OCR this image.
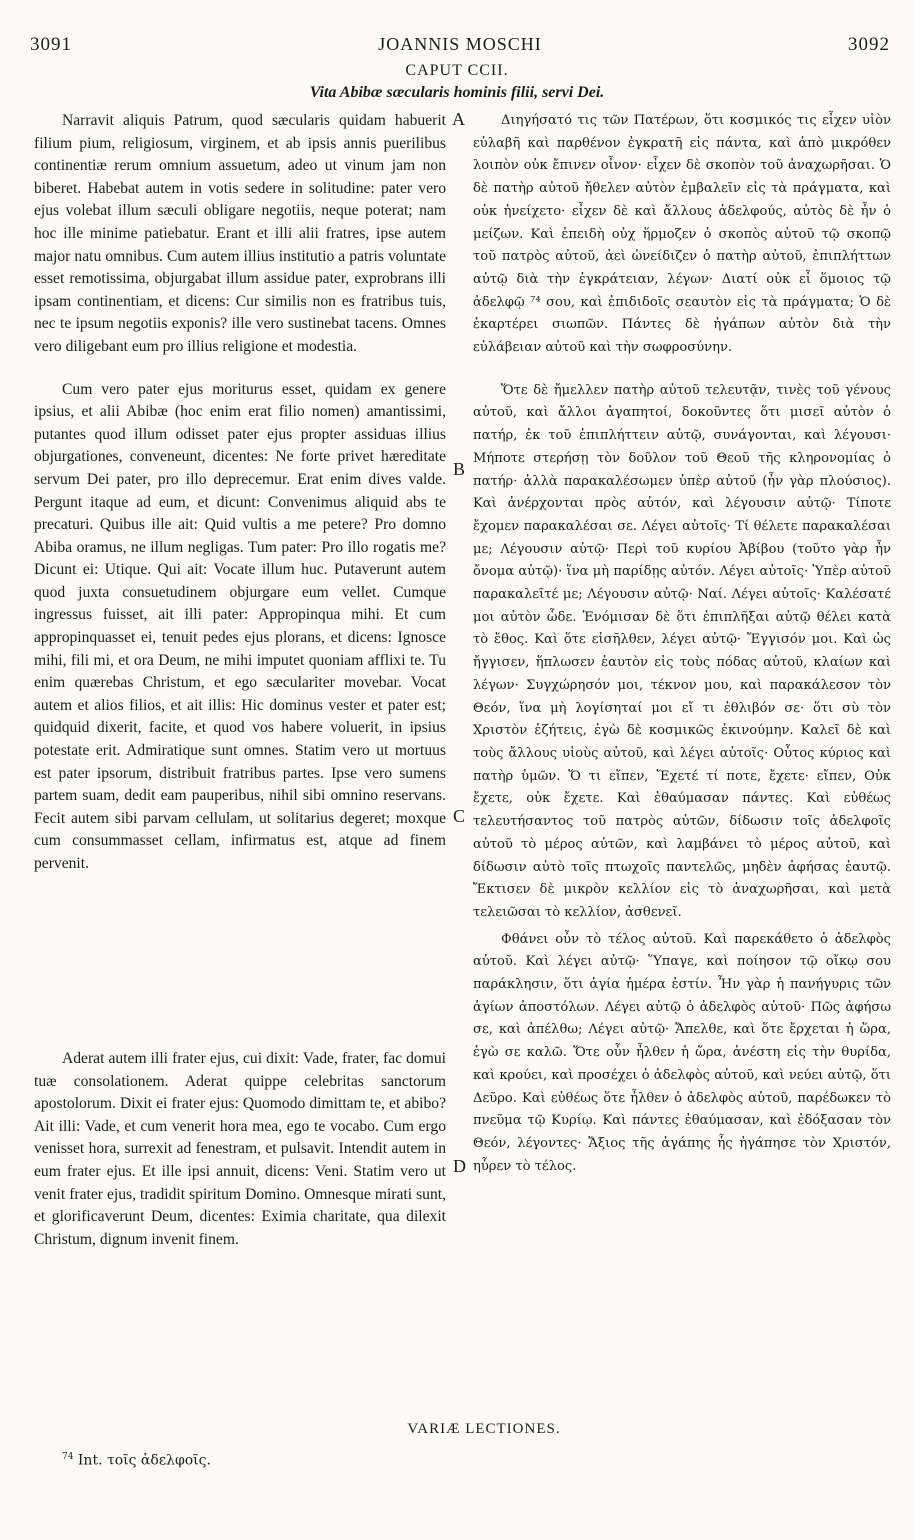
3091	JOANNIS MOSCHI	3092
CAPUT CCII.
Vita Abibæ sæcularis hominis filii, servi Dei.

Narravit aliquis Patrum, quod sæcularis quidam habuerit filium pium, religiosum, virginem, et ab ipsis annis puerilibus continentiæ rerum omnium assuetum, adeo ut vinum jam non biberet. Habebat autem in votis sedere in solitudine: pater vero ejus volebat illum sæculi obligare negotiis, neque poterat; nam hoc ille minime patiebatur. Erant et illi alii fratres, ipse autem major natu omnibus. Cum autem illius institutio a patris voluntate esset remotissima, objurgabat illum assidue pater, exprobrans illi ipsam continentiam, et dicens: Cur similis non es fratribus tuis, nec te ipsum negotiis exponis? ille vero sustinebat tacens. Omnes vero diligebant eum pro illius religione et modestia.

Cum vero pater ejus moriturus esset, quidam ex genere ipsius, et alii Abibæ (hoc enim erat filio nomen) amantissimi, putantes quod illum odisset pater ejus propter assiduas illius objurgationes, conveneunt, dicentes: Ne forte privet hæreditate servum Dei pater, pro illo deprecemur. Erat enim dives valde. Pergunt itaque ad eum, et dicunt: Convenimus aliquid abs te precaturi. Quibus ille ait: Quid vultis a me petere? Pro domno Abiba oramus, ne illum negligas. Tum pater: Pro illo rogatis me? Dicunt ei: Utique. Qui ait: Vocate illum huc. Putaverunt autem quod juxta consuetudinem objurgare eum vellet. Cumque ingressus fuisset, ait illi pater: Appropinqua mihi. Et cum appropinquasset ei, tenuit pedes ejus plorans, et dicens: Ignosce mihi, fili mi, et ora Deum, ne mihi imputet quoniam afflixi te. Tu enim quærebas Christum, et ego sæculariter movebar. Vocat autem et alios filios, et ait illis: Hic dominus vester et pater est; quidquid dixerit, facite, et quod vos habere voluerit, in ipsius potestate erit. Admiratique sunt omnes. Statim vero ut mortuus est pater ipsorum, distribuit fratribus partes. Ipse vero sumens partem suam, dedit eam pauperibus, nihil sibi omnino reservans. Fecit autem sibi parvam cellulam, ut solitarius degeret; moxque cum consummasset cellam, infirmatus est, atque ad finem pervenit.

Aderat autem illi frater ejus, cui dixit: Vade, frater, fac domui tuæ consolationem. Aderat quippe celebritas sanctorum apostolorum. Dixit ei frater ejus: Quomodo dimittam te, et abibo? Ait illi: Vade, et cum venerit hora mea, ego te vocabo. Cum ergo venisset hora, surrexit ad fenestram, et pulsavit. Intendit autem in eum frater ejus. Et ille ipsi annuit, dicens: Veni. Statim vero ut venit frater ejus, tradidit spiritum Domino. Omnesque mirati sunt, et glorificaverunt Deum, dicentes: Eximia charitate, qua dilexit Christum, dignum invenit finem.

A
B
C
D

Διηγήσατό τις τῶν Πατέρων, ὅτι κοσμικός τις εἶχεν υἱὸν εὐλαβῆ καὶ παρθένον ἐγκρατῆ εἰς πάντα, καὶ ἀπὸ μικρόθεν λοιπὸν οὐκ ἔπινεν οἶνον· εἶχεν δὲ σκοπὸν τοῦ ἀναχωρῆσαι. Ὁ δὲ πατὴρ αὐτοῦ ἤθελεν αὐτὸν ἐμβαλεῖν εἰς τὰ πράγματα, καὶ οὐκ ἠνείχετο· εἶχεν δὲ καὶ ἄλλους ἀδελφούς, αὐτὸς δὲ ἦν ὁ μείζων. Καὶ ἐπειδὴ οὐχ ἥρμοζεν ὁ σκοπὸς αὐτοῦ τῷ σκοπῷ τοῦ πατρὸς αὐτοῦ, ἀεὶ ὠνείδιζεν ὁ πατὴρ αὐτοῦ, ἐπιπλήττων αὐτῷ διὰ τὴν ἐγκράτειαν, λέγων· Διατί οὐκ εἶ ὅμοιος τῷ ἀδελφῷ ⁷⁴ σου, καὶ ἐπιδιδοῖς σεαυτὸν εἰς τὰ πράγματα; Ὁ δὲ ἐκαρτέρει σιωπῶν. Πάντες δὲ ἠγάπων αὐτὸν διὰ τὴν εὐλάβειαν αὐτοῦ καὶ τὴν σωφροσύνην.

Ὅτε δὲ ἤμελλεν πατὴρ αὐτοῦ τελευτᾷν, τινὲς τοῦ γένους αὐτοῦ, καὶ ἄλλοι ἀγαπητοί, δοκοῦντες ὅτι μισεῖ αὐτὸν ὁ πατήρ, ἐκ τοῦ ἐπιπλήττειν αὐτῷ, συνάγονται, καὶ λέγουσι· Μήποτε στερήσῃ τὸν δοῦλον τοῦ Θεοῦ τῆς κληρονομίας ὁ πατήρ· ἀλλὰ παρακαλέσωμεν ὑπὲρ αὐτοῦ (ἦν γὰρ πλούσιος). Καὶ ἀνέρχονται πρὸς αὐτόν, καὶ λέγουσιν αὐτῷ· Τίποτε ἔχομεν παρακαλέσαι σε. Λέγει αὐτοῖς· Τί θέλετε παρακαλέσαι με; Λέγουσιν αὐτῷ· Περὶ τοῦ κυρίου Ἀβίβου (τοῦτο γὰρ ἦν ὄνομα αὐτῷ)· ἵνα μὴ παρίδῃς αὐτόν. Λέγει αὐτοῖς· Ὑπὲρ αὐτοῦ παρακαλεῖτέ με; Λέγουσιν αὐτῷ· Ναί. Λέγει αὐτοῖς· Καλέσατέ μοι αὐτὸν ὧδε. Ἐνόμισαν δὲ ὅτι ἐπιπλῆξαι αὐτῷ θέλει κατὰ τὸ ἔθος. Καὶ ὅτε εἰσῆλθεν, λέγει αὐτῷ· Ἔγγισόν μοι. Καὶ ὡς ἤγγισεν, ἥπλωσεν ἑαυτὸν εἰς τοὺς πόδας αὐτοῦ, κλαίων καὶ λέγων· Συγχώρησόν μοι, τέκνον μου, καὶ παρακάλεσον τὸν Θεόν, ἵνα μὴ λογίσηταί μοι εἴ τι ἐθλιβόν σε· ὅτι σὺ τὸν Χριστὸν ἐζήτεις, ἐγὼ δὲ κοσμικῶς ἐκινούμην. Καλεῖ δὲ καὶ τοὺς ἄλλους υἱοὺς αὐτοῦ, καὶ λέγει αὐτοῖς· Οὗτος κύριος καὶ πατὴρ ὑμῶν. Ὅ τι εἴπεν, Ἔχετέ τί ποτε, ἔχετε· εἴπεν, Οὐκ ἔχετε, οὐκ ἔχετε. Καὶ ἐθαύμασαν πάντες. Καὶ εὐθέως τελευτήσαντος τοῦ πατρὸς αὐτῶν, δίδωσιν τοῖς ἀδελφοῖς αὐτοῦ τὸ μέρος αὐτῶν, καὶ λαμβάνει τὸ μέρος αὐτοῦ, καὶ δίδωσιν αὐτὸ τοῖς πτωχοῖς παντελῶς, μηδὲν ἀφήσας ἑαυτῷ. Ἔκτισεν δὲ μικρὸν κελλίον εἰς τὸ ἀναχωρῆσαι, καὶ μετὰ τελειῶσαι τὸ κελλίον, ἀσθενεῖ.

Φθάνει οὖν τὸ τέλος αὐτοῦ. Καὶ παρεκάθετο ὁ ἀδελφὸς αὐτοῦ. Καὶ λέγει αὐτῷ· Ὕπαγε, καὶ ποίησον τῷ οἴκῳ σου παράκλησιν, ὅτι ἁγία ἡμέρα ἐστίν. Ἦν γὰρ ἡ πανήγυρις τῶν ἁγίων ἀποστόλων. Λέγει αὐτῷ ὁ ἀδελφὸς αὐτοῦ· Πῶς ἀφήσω σε, καὶ ἀπέλθω; Λέγει αὐτῷ· Ἄπελθε, καὶ ὅτε ἔρχεται ἡ ὥρα, ἐγὼ σε καλῶ. Ὅτε οὖν ἦλθεν ἡ ὥρα, ἀνέστη εἰς τὴν θυρίδα, καὶ κρούει, καὶ προσέχει ὁ ἀδελφὸς αὐτοῦ, καὶ νεύει αὐτῷ, ὅτι Δεῦρο. Καὶ εὐθέως ὅτε ἦλθεν ὁ ἀδελφὸς αὐτοῦ, παρέδωκεν τὸ πνεῦμα τῷ Κυρίῳ. Καὶ πάντες ἐθαύμασαν, καὶ ἐδόξασαν τὸν Θεόν, λέγοντες· Ἄξιος τῆς ἀγάπης ἧς ἠγάπησε τὸν Χριστόν, ηὗρεν τὸ τέλος.

VARIÆ LECTIONES.
$^{74}$ Int. τοῖς ἀδελφοῖς.
